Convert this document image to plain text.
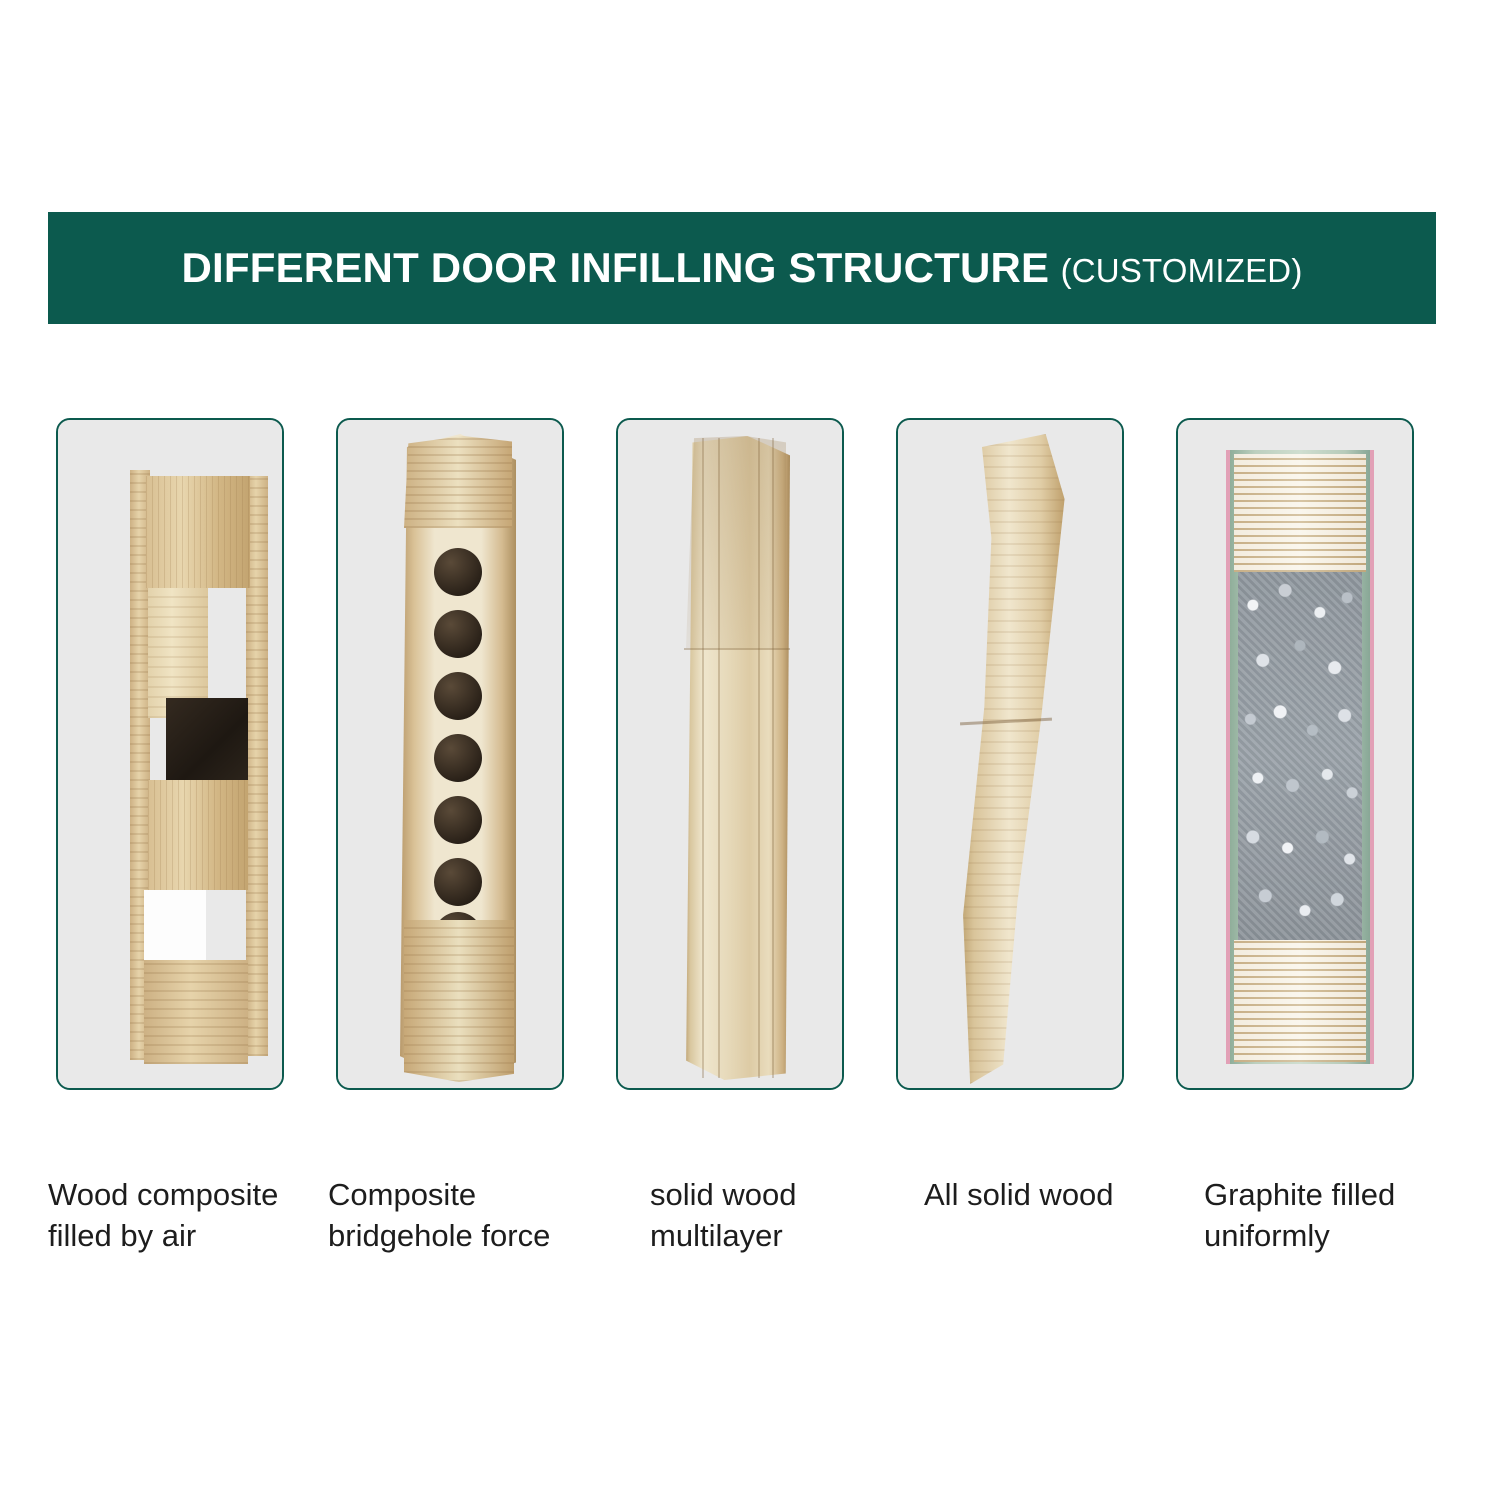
DIFFERENT DOOR INFILLING STRUCTURE (CUSTOMIZED)
Wood composite filled by air
Composite bridgehole force
solid wood multilayer
All solid wood	Graphite filled uniformly
